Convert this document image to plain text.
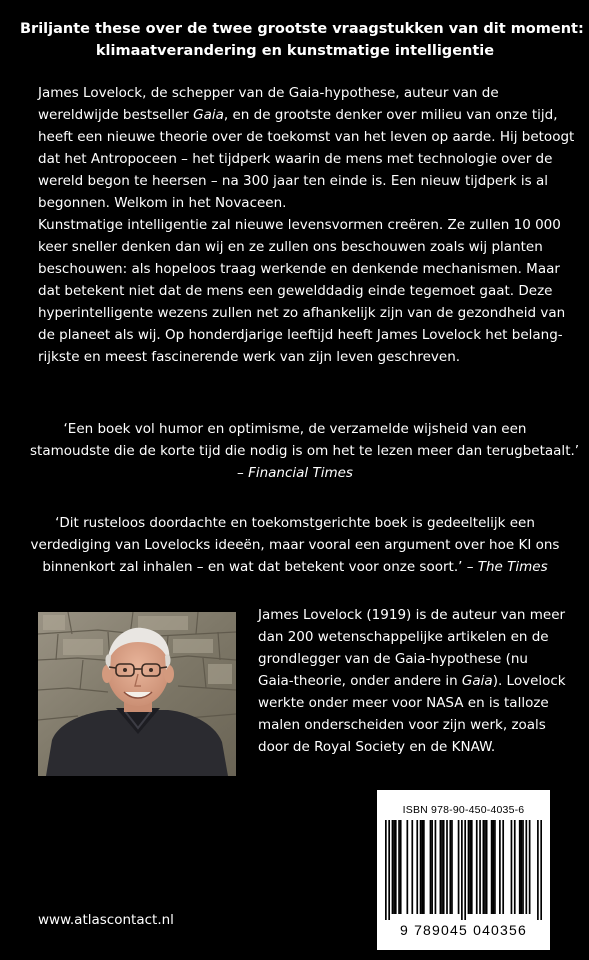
Briljante these over de twee grootste vraagstukken van dit moment:
klimaatverandering en kunstmatige intelligentie
James Lovelock, de schepper van de Gaia-hypothese, auteur van de
wereldwijde bestseller Gaia, en de grootste denker over milieu van onze tijd,
heeft een nieuwe theorie over de toekomst van het leven op aarde. Hij betoogt
dat het Antropoceen – het tijdperk waarin de mens met technologie over de
wereld begon te heersen – na 300 jaar ten einde is. Een nieuw tijdperk is al
begonnen. Welkom in het Novaceen.
Kunstmatige intelligentie zal nieuwe levensvormen creëren. Ze zullen 10 000
keer sneller denken dan wij en ze zullen ons beschouwen zoals wij planten
beschouwen: als hopeloos traag werkende en denkende mechanismen. Maar
dat betekent niet dat de mens een gewelddadig einde tegemoet gaat. Deze
hyperintelligente wezens zullen net zo afhankelijk zijn van de gezondheid van
de planeet als wij. Op honderdjarige leeftijd heeft James Lovelock het belang-
rijkste en meest fascinerende werk van zijn leven geschreven.
‘Een boek vol humor en optimisme, de verzamelde wijsheid van een
stamoudste die de korte tijd die nodig is om het te lezen meer dan terugbetaalt.’
– Financial Times
‘Dit rusteloos doordachte en toekomstgerichte boek is gedeeltelijk een
verdediging van Lovelocks ideeën, maar vooral een argument over hoe KI ons
binnenkort zal inhalen – en wat dat betekent voor onze soort.’ – The Times
James Lovelock (1919) is de auteur van meer
dan 200 wetenschappelijke artikelen en de
grondlegger van de Gaia-hypothese (nu
Gaia-theorie, onder andere in Gaia). Lovelock
werkte onder meer voor NASA en is talloze
malen onderscheiden voor zijn werk, zoals
door de Royal Society en de KNAW.
www.atlascontact.nl
ISBN 978-90-450-4035-6
9 789045 040356
